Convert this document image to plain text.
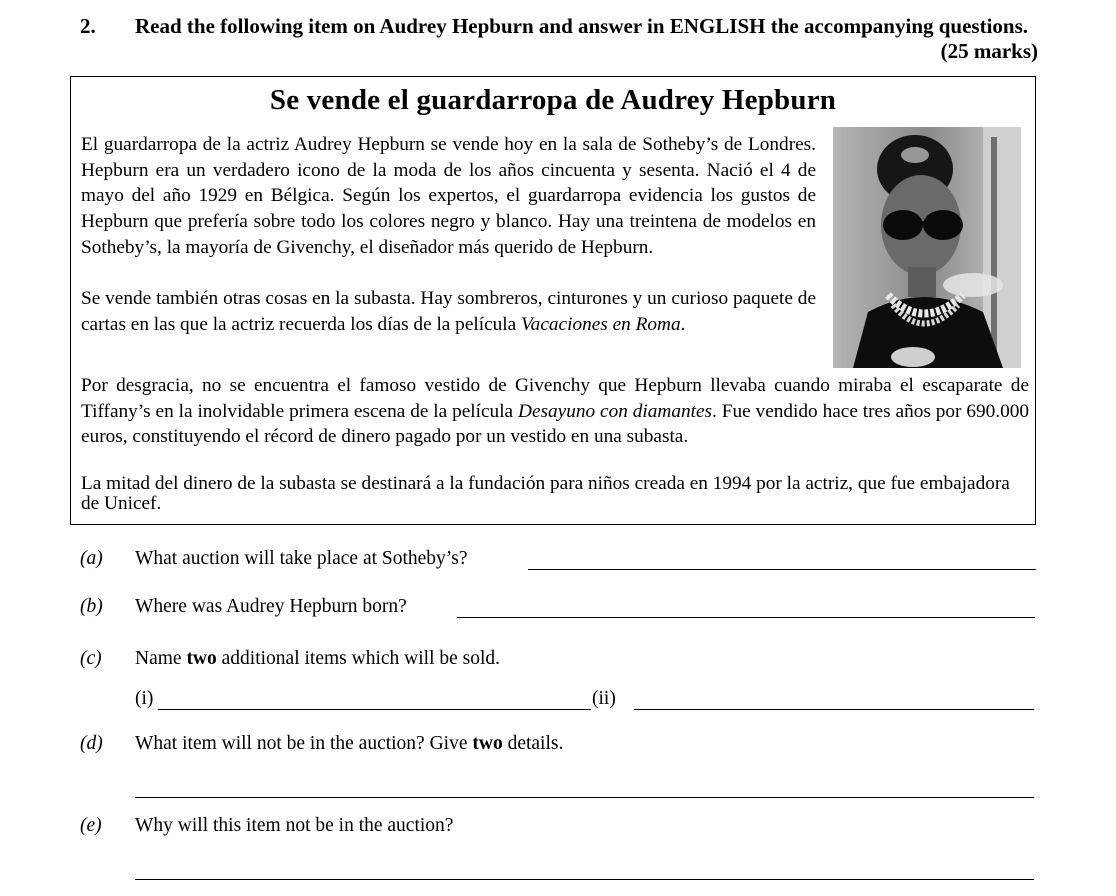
2. Read the following item on Audrey Hepburn and answer in ENGLISH the accompanying questions.
(25 marks)
Se vende el guardarropa de Audrey Hepburn
El guardarropa de la actriz Audrey Hepburn se vende hoy en la sala de Sotheby’s de Londres. Hepburn era un verdadero icono de la moda de los años cincuenta y sesenta. Nació el 4 de mayo del año 1929 en Bélgica. Según los expertos, el guardarropa evidencia los gustos de Hepburn que prefería sobre todo los colores negro y blanco. Hay una treintena de modelos en Sotheby’s, la mayoría de Givenchy, el diseñador más querido de Hepburn.
Se vende también otras cosas en la subasta. Hay sombreros, cinturones y un curioso paquete de cartas en las que la actriz recuerda los días de la película Vacaciones en Roma.
Por desgracia, no se encuentra el famoso vestido de Givenchy que Hepburn llevaba cuando miraba el escaparate de Tiffany’s en la inolvidable primera escena de la película Desayuno con diamantes. Fue vendido hace tres años por 690.000 euros, constituyendo el récord de dinero pagado por un vestido en una subasta.
La mitad del dinero de la subasta se destinará a la fundación para niños creada en 1994 por la actriz, que fue embajadora de Unicef.
(a) What auction will take place at Sotheby’s?
(b) Where was Audrey Hepburn born?
(c) Name two additional items which will be sold.
(i)	(ii)
(d) What item will not be in the auction? Give two details.
(e) Why will this item not be in the auction?
